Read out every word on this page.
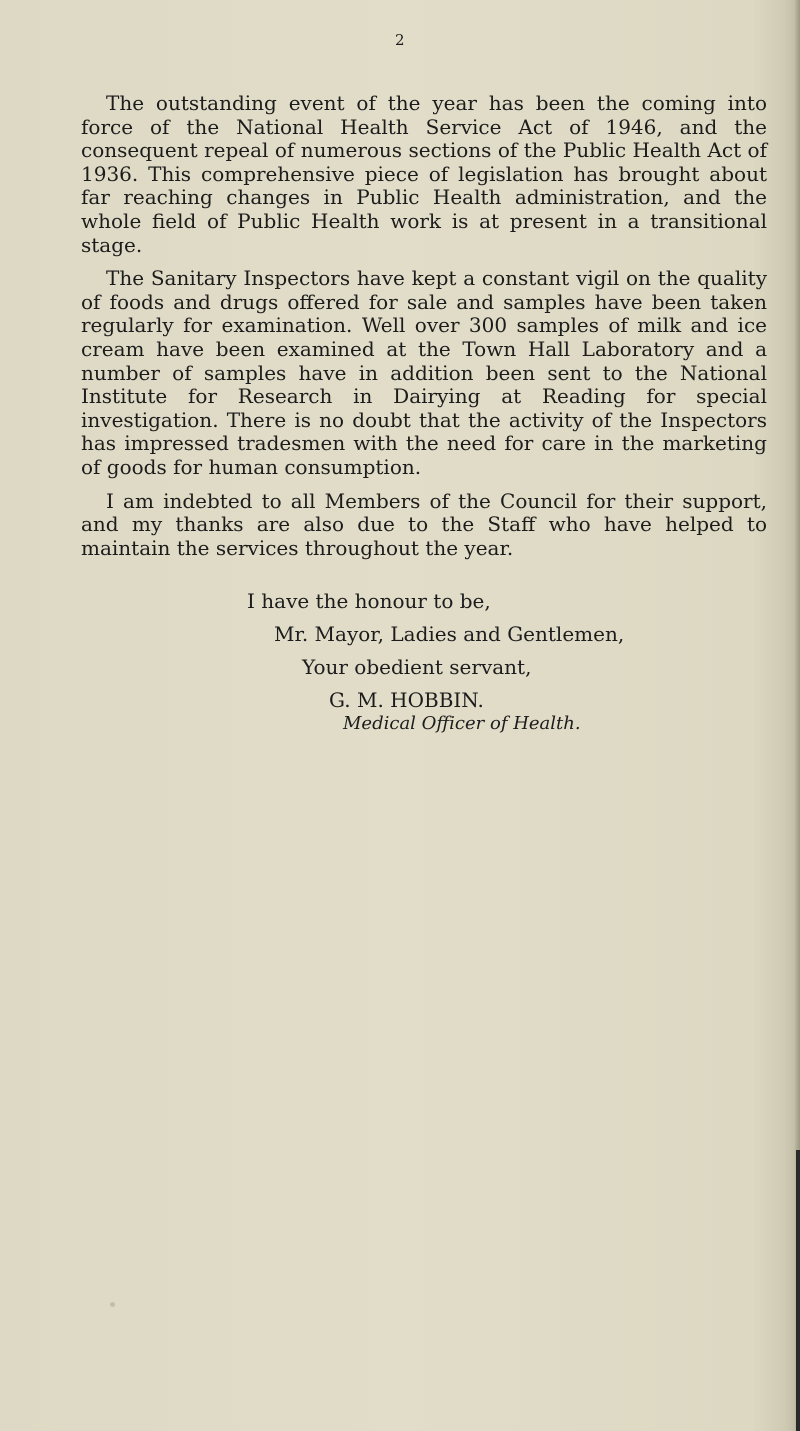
2

The outstanding event of the year has been the coming into force of the National Health Service Act of 1946, and the consequent repeal of numerous sections of the Public Health Act of 1936. This comprehensive piece of legislation has brought about far reaching changes in Public Health administration, and the whole field of Public Health work is at present in a transitional stage.

The Sanitary Inspectors have kept a constant vigil on the quality of foods and drugs offered for sale and samples have been taken regularly for examination. Well over 300 samples of milk and ice cream have been examined at the Town Hall Laboratory and a number of samples have in addition been sent to the National Institute for Research in Dairying at Reading for special investigation. There is no doubt that the activity of the Inspectors has impressed tradesmen with the need for care in the marketing of goods for human consumption.

I am indebted to all Members of the Council for their support, and my thanks are also due to the Staff who have helped to maintain the services throughout the year.

I have the honour to be,
Mr. Mayor, Ladies and Gentlemen,
Your obedient servant,
G. M. HOBBIN.
Medical Officer of Health.
